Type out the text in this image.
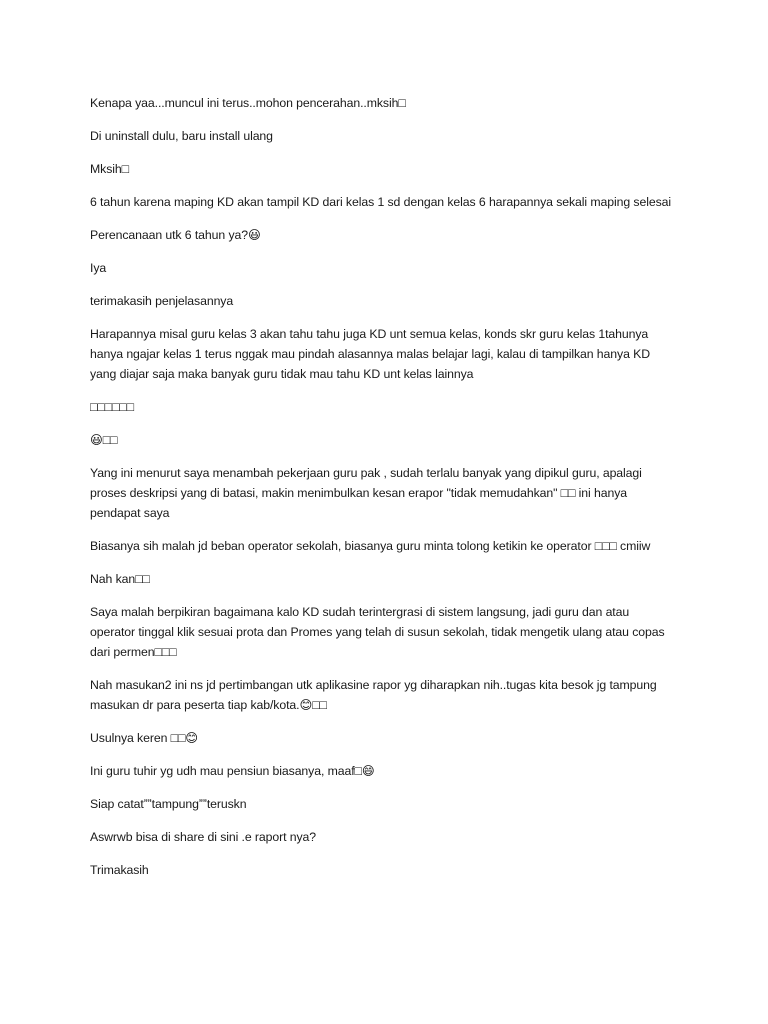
Kenapa yaa...muncul ini terus..mohon pencerahan..mksih□

Di uninstall dulu, baru install ulang

Mksih□

6 tahun karena maping KD akan tampil KD dari kelas 1 sd dengan kelas 6 harapannya sekali maping selesai

Perencanaan utk 6 tahun ya?😃

Iya

terimakasih penjelasannya

Harapannya misal guru kelas 3 akan tahu tahu juga KD unt semua kelas, konds skr guru kelas 1tahunya hanya ngajar kelas 1 terus nggak mau pindah alasannya malas belajar lagi, kalau di tampilkan hanya KD yang diajar saja maka banyak guru tidak mau tahu KD unt kelas lainnya

□□□□□□

😃□□

Yang ini menurut saya menambah pekerjaan guru pak , sudah terlalu banyak yang dipikul guru, apalagi proses deskripsi yang di batasi, makin menimbulkan kesan erapor "tidak memudahkan" □□ ini hanya pendapat saya

Biasanya sih malah jd beban operator sekolah, biasanya guru minta tolong ketikin ke operator □□□ cmiiw

Nah kan□□

Saya malah berpikiran bagaimana kalo KD sudah terintergrasi di sistem langsung, jadi guru dan atau operator tinggal klik sesuai prota dan Promes yang telah di susun sekolah, tidak mengetik ulang atau copas dari permen□□□

Nah masukan2 ini ns jd pertimbangan utk aplikasine rapor yg diharapkan nih..tugas kita besok jg tampung masukan dr para peserta tiap kab/kota.😊□□

Usulnya keren □□😊

Ini guru tuhir yg udh mau pensiun biasanya, maaf□😄

Siap catatˮˮtampungˮˮteruskn

Aswrwb bisa di share di sini .e raport nya?

Trimakasih
